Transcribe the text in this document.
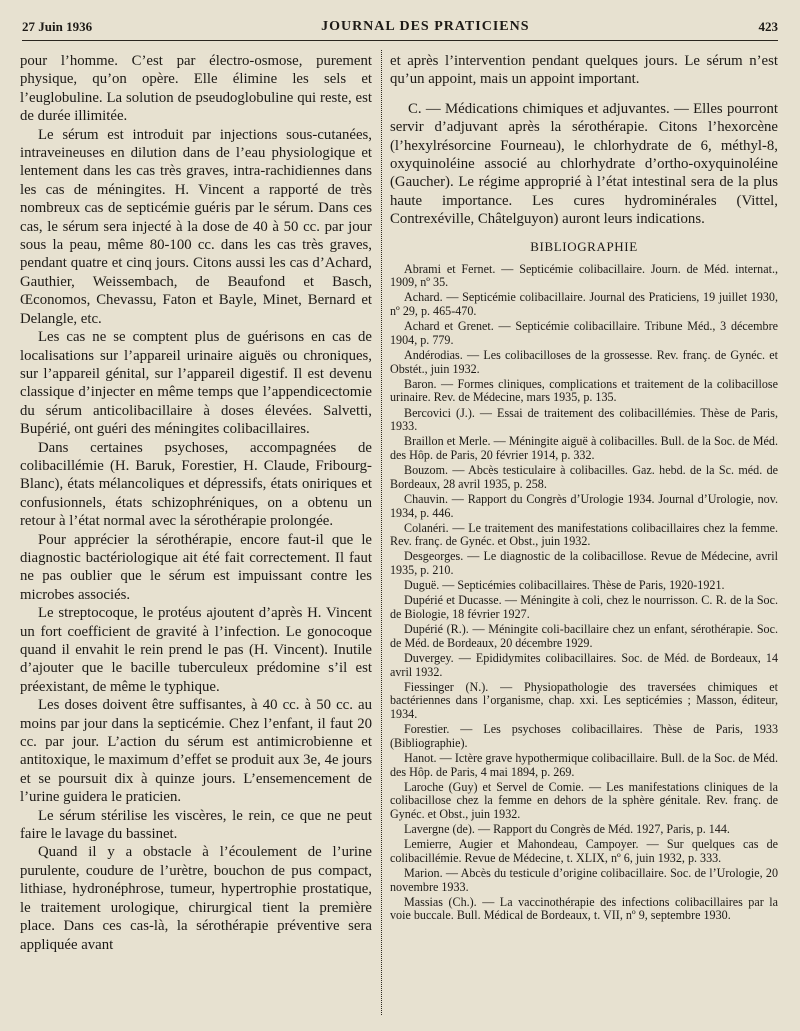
27 Juin 1936	JOURNAL DES PRATICIENS	423

pour l’homme. C’est par électro-osmose, purement physique, qu’on opère. Elle élimine les sels et l’euglobuline. La solution de pseudoglobuline qui reste, est de durée illimitée.

Le sérum est introduit par injections sous-cutanées, intraveineuses en dilution dans de l’eau physiologique et lentement dans les cas très graves, intra-rachidiennes dans les cas de méningites. H. Vincent a rapporté de très nombreux cas de septicémie guéris par le sérum. Dans ces cas, le sérum sera injecté à la dose de 40 à 50 cc. par jour sous la peau, même 80-100 cc. dans les cas très graves, pendant quatre et cinq jours. Citons aussi les cas d’Achard, Gauthier, Weissembach, de Beaufond et Basch, Œconomos, Chevassu, Faton et Bayle, Minet, Bernard et Delangle, etc.

Les cas ne se comptent plus de guérisons en cas de localisations sur l’appareil urinaire aiguës ou chroniques, sur l’appareil génital, sur l’appareil digestif. Il est devenu classique d’injecter en même temps que l’appendicectomie du sérum anticolibacillaire à doses élevées. Salvetti, Bupérié, ont guéri des méningites colibacillaires.

Dans certaines psychoses, accompagnées de colibacillémie (H. Baruk, Forestier, H. Claude, Fribourg-Blanc), états mélancoliques et dépressifs, états oniriques et confusionnels, états schizophréniques, on a obtenu un retour à l’état normal avec la sérothérapie prolongée.

Pour apprécier la sérothérapie, encore faut-il que le diagnostic bactériologique ait été fait correctement. Il faut ne pas oublier que le sérum est impuissant contre les microbes associés.

Le streptocoque, le protéus ajoutent d’après H. Vincent un fort coefficient de gravité à l’infection. Le gonocoque quand il envahit le rein prend le pas (H. Vincent). Inutile d’ajouter que le bacille tuberculeux prédomine s’il est préexistant, de même le typhique.

Les doses doivent être suffisantes, à 40 cc. à 50 cc. au moins par jour dans la septicémie. Chez l’enfant, il faut 20 cc. par jour. L’action du sérum est antimicrobienne et antitoxique, le maximum d’effet se produit aux 3e, 4e jours et se poursuit dix à quinze jours. L’ensemencement de l’urine guidera le praticien.

Le sérum stérilise les viscères, le rein, ce que ne peut faire le lavage du bassinet.

Quand il y a obstacle à l’écoulement de l’urine purulente, coudure de l’urètre, bouchon de pus compact, lithiase, hydronéphrose, tumeur, hypertrophie prostatique, le traitement urologique, chirurgical tient la première place. Dans ces cas-là, la sérothérapie préventive sera appliquée avant

et après l’intervention pendant quelques jours. Le sérum n’est qu’un appoint, mais un appoint important.

C. — Médications chimiques et adjuvantes. — Elles pourront servir d’adjuvant après la sérothérapie. Citons l’hexorcène (l’hexylrésorcine Fourneau), le chlorhydrate de 6, méthyl-8, oxyquinoléine associé au chlorhydrate d’ortho-oxyquinoléine (Gaucher). Le régime approprié à l’état intestinal sera de la plus haute importance. Les cures hydrominérales (Vittel, Contrexéville, Châtelguyon) auront leurs indications.

BIBLIOGRAPHIE

Abrami et Fernet. — Septicémie colibacillaire. Journ. de Méd. internat., 1909, nº 35.

Achard. — Septicémie colibacillaire. Journal des Praticiens, 19 juillet 1930, nº 29, p. 465-470.

Achard et Grenet. — Septicémie colibacillaire. Tribune Méd., 3 décembre 1904, p. 779.

Andérodias. — Les colibacilloses de la grossesse. Rev. franç. de Gynéc. et Obstét., juin 1932.

Baron. — Formes cliniques, complications et traitement de la colibacillose urinaire. Rev. de Médecine, mars 1935, p. 135.

Bercovici (J.). — Essai de traitement des colibacillémies. Thèse de Paris, 1933.

Braillon et Merle. — Méningite aiguë à colibacilles. Bull. de la Soc. de Méd. des Hôp. de Paris, 20 février 1914, p. 332.

Bouzom. — Abcès testiculaire à colibacilles. Gaz. hebd. de la Sc. méd. de Bordeaux, 28 avril 1935, p. 258.

Chauvin. — Rapport du Congrès d’Urologie 1934. Journal d’Urologie, nov. 1934, p. 446.

Colanéri. — Le traitement des manifestations colibacillaires chez la femme. Rev. franç. de Gynéc. et Obst., juin 1932.

Desgeorges. — Le diagnostic de la colibacillose. Revue de Médecine, avril 1935, p. 210.

Duguë. — Septicémies colibacillaires. Thèse de Paris, 1920-1921.

Dupérié et Ducasse. — Méningite à coli, chez le nourrisson. C. R. de la Soc. de Biologie, 18 février 1927.

Dupérié (R.). — Méningite coli-bacillaire chez un enfant, sérothérapie. Soc. de Méd. de Bordeaux, 20 décembre 1929.

Duvergey. — Epididymites colibacillaires. Soc. de Méd. de Bordeaux, 14 avril 1932.

Fiessinger (N.). — Physiopathologie des traversées chimiques et bactériennes dans l’organisme, chap. xxi. Les septicémies ; Masson, éditeur, 1934.

Forestier. — Les psychoses colibacillaires. Thèse de Paris, 1933 (Bibliographie).

Hanot. — Ictère grave hypothermique colibacillaire. Bull. de la Soc. de Méd. des Hôp. de Paris, 4 mai 1894, p. 269.

Laroche (Guy) et Servel de Comie. — Les manifestations cliniques de la colibacillose chez la femme en dehors de la sphère génitale. Rev. franç. de Gynéc. et Obst., juin 1932.

Lavergne (de). — Rapport du Congrès de Méd. 1927, Paris, p. 144.

Lemierre, Augier et Mahondeau, Campoyer. — Sur quelques cas de colibacillémie. Revue de Médecine, t. XLIX, nº 6, juin 1932, p. 333.

Marion. — Abcès du testicule d’origine colibacillaire. Soc. de l’Urologie, 20 novembre 1933.

Massias (Ch.). — La vaccinothérapie des infections colibacillaires par la voie buccale. Bull. Médical de Bordeaux, t. VII, nº 9, septembre 1930.
